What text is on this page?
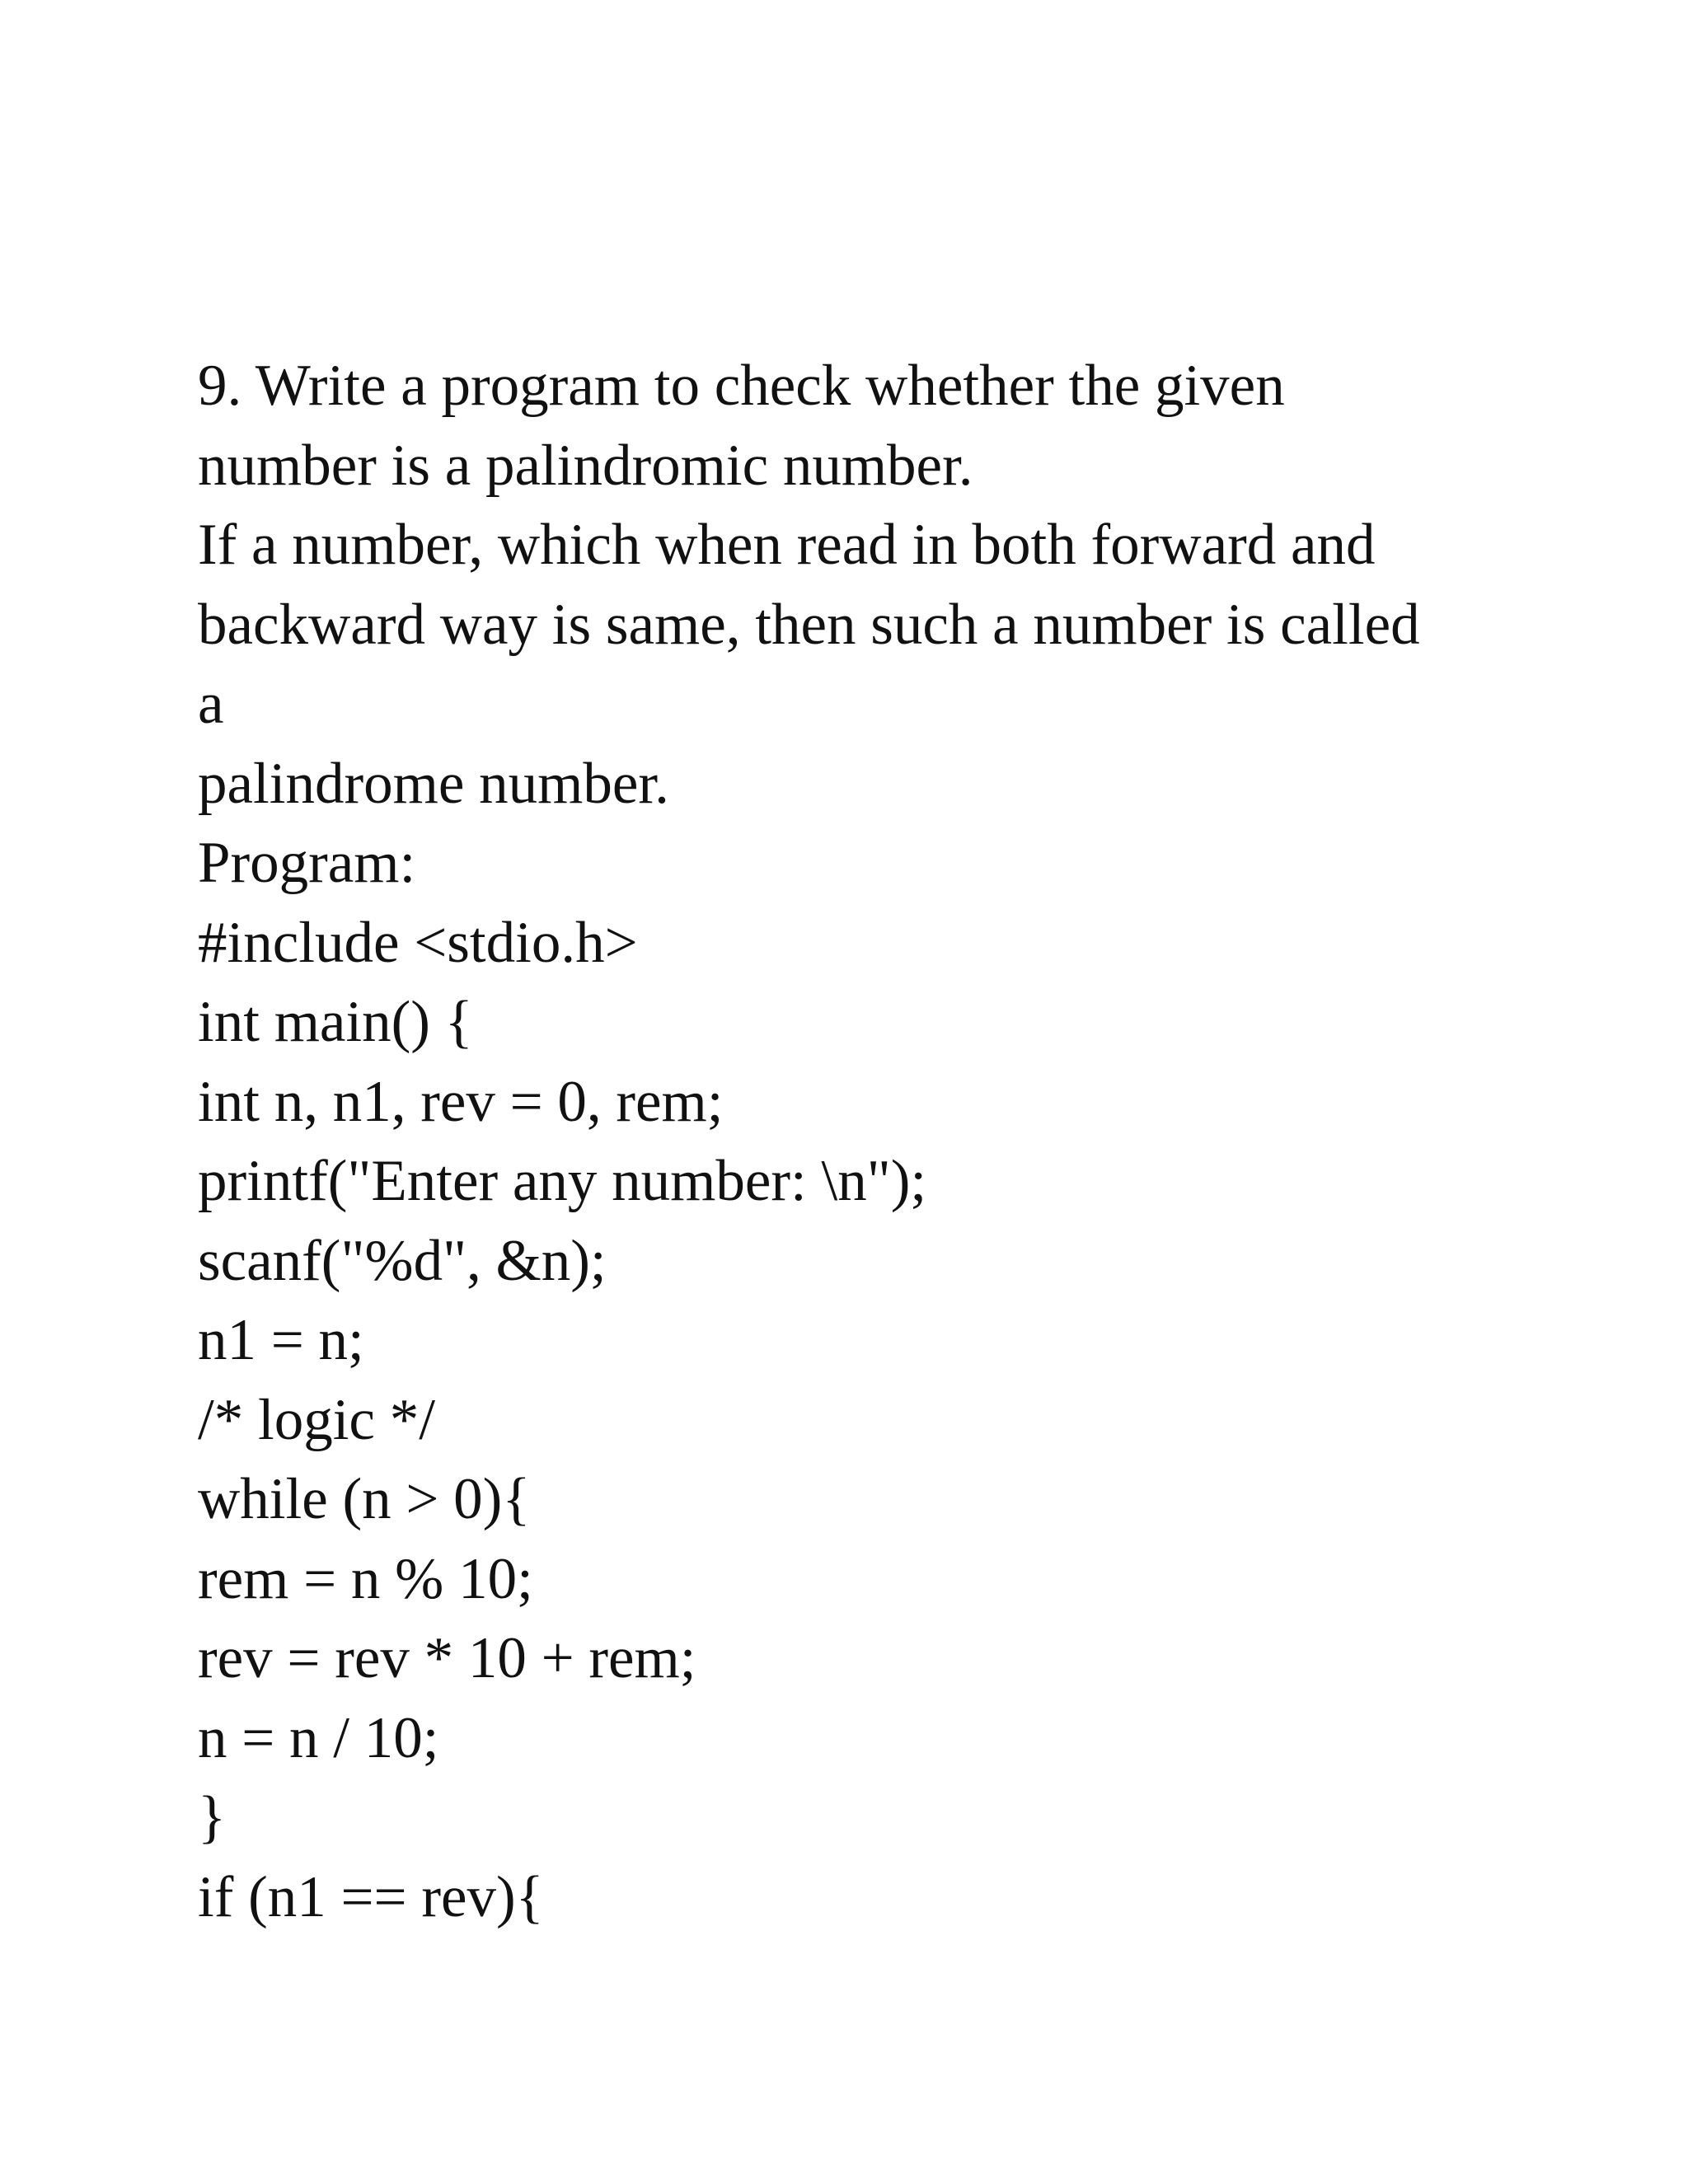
9. Write a program to check whether the given
number is a palindromic number.
If a number, which when read in both forward and
backward way is same, then such a number is called
a
palindrome number.
Program:
#include <stdio.h>
int main() {
int n, n1, rev = 0, rem;
printf("Enter any number: \n");
scanf("%d", &n);
n1 = n;
/* logic */
while (n > 0){
rem = n % 10;
rev = rev * 10 + rem;
n = n / 10;
}
if (n1 == rev){
